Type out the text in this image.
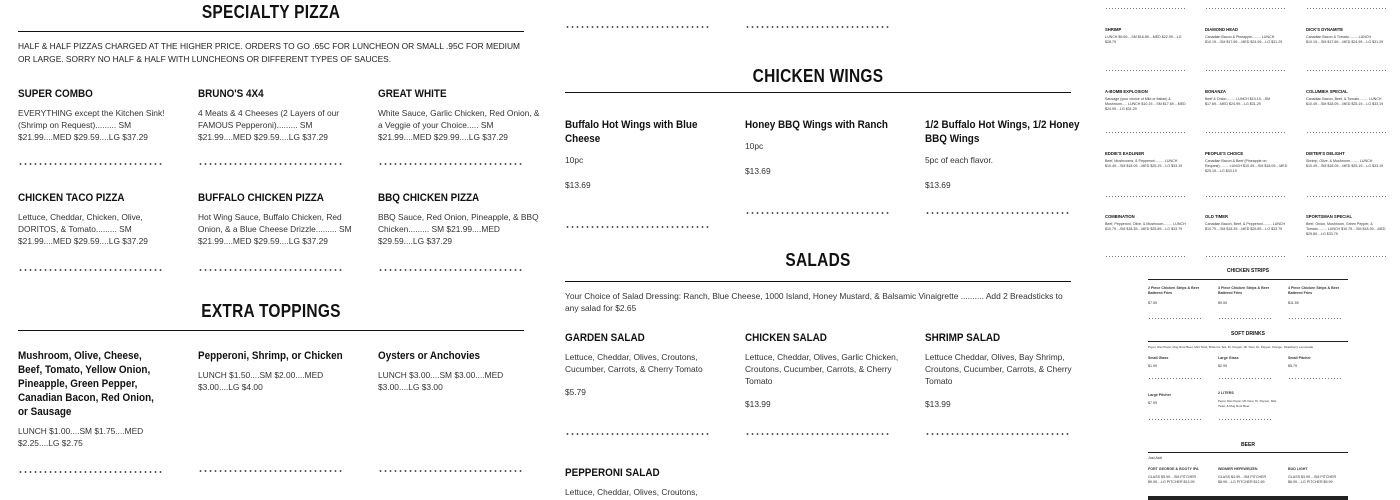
SPECIALTY PIZZA
HALF & HALF PIZZAS CHARGED AT THE HIGHER PRICE. ORDERS TO GO .65C FOR LUNCHEON OR SMALL .95C FOR MEDIUM OR LARGE. SORRY NO HALF & HALF WITH LUNCHEONS OR DIFFERENT TYPES OF SAUCES.
SUPER COMBO
EVERYTHING except the Kitchen Sink! (Shrimp on Request)......... SM $21.99....MED $29.59....LG $37.29
BRUNO'S 4X4
4 Meats & 4 Cheeses (2 Layers of our FAMOUS Pepperoni)......... SM $21.99....MED $29.59....LG $37.29
GREAT WHITE
White Sauce, Garlic Chicken, Red Onion, & a Veggie of your Choice..... SM $21.99....MED $29.99....LG $37.29
CHICKEN TACO PIZZA
Lettuce, Cheddar, Chicken, Olive, DORITOS, & Tomato......... SM $21.99....MED $29.59....LG $37.29
BUFFALO CHICKEN PIZZA
Hot Wing Sauce, Buffalo Chicken, Red Onion, & a Blue Cheese Drizzle......... SM $21.99....MED $29.59....LG $37.29
BBQ CHICKEN PIZZA
BBQ Sauce, Red Onion, Pineapple, & BBQ Chicken......... SM $21.99....MED $29.59....LG $37.29
EXTRA TOPPINGS
Mushroom, Olive, Cheese, Beef, Tomato, Yellow Onion, Pineapple, Green Pepper, Canadian Bacon, Red Onion, or Sausage
LUNCH $1.00....SM $1.75....MED $2.25....LG $2.75
Pepperoni, Shrimp, or Chicken
LUNCH $1.50....SM $2.00....MED $3.00....LG $4.00
Oysters or Anchovies
LUNCH $3.00....SM $3.00....MED $3.00....LG $3.00
CHICKEN WINGS
Buffalo Hot Wings with Blue Cheese
10pc
$13.69
Honey BBQ Wings with Ranch
10pc
$13.69
1/2 Buffalo Hot Wings, 1/2 Honey BBQ Wings
5pc of each flavor.
$13.69
SALADS
Your Choice of Salad Dressing: Ranch, Blue Cheese, 1000 Island, Honey Mustard, & Balsamic Vinaigrette .......... Add 2 Breadsticks to any salad for $2.65
GARDEN SALAD
Lettuce, Cheddar, Olives, Croutons, Cucumber, Carrots, & Cherry Tomato
$5.79
CHICKEN SALAD
Lettuce, Cheddar, Olives, Garlic Chicken, Croutons, Cucumber, Carrots, & Cherry Tomato
$13.99
SHRIMP SALAD
Lettuce Cheddar, Olives, Bay Shrimp, Croutons, Cucumber, Carrots, & Cherry Tomato
$13.99
PEPPERONI SALAD
Lettuce, Cheddar, Olives, Croutons,
SHRIMP
LUNCH $9.69....SM $16.89....MED $22.99....LG $28.79
DIAMOND HEAD
Canadian Bacon & Pineapple......... LUNCH $10.19....SM $17.69....MED $24.99....LG $31.29
DICK'S DYNAMITE
Canadian Bacon & Tomato......... LUNCH $10.19....SM $17.69....MED $24.99....LG $31.29
A-BOMB EXPLOSION
Sausage (your choice of Mild or Italian) & Mushroom..... LUNCH $10.19....SM $17.69....MED $24.99....LG $31.29
BONANZA
Beef & Onion......... LUNCH $10.19....SM $17.69....MED $24.99....LG $31.29
COLUMBIA SPECIAL
Canadian Bacon, Beef, & Tomato......... LUNCH $10.49....SM $18.09....MED $25.19....LG $33.19
EDDIE'S EADLINER
Beef, Mushrooms, & Pepperoni......... LUNCH $10.49....SM $18.09....MED $25.19....LG $33.19
PEOPLE'S CHOICE
Canadian Bacon & Beef (Pineapple on Request)......... LUNCH $10.49....SM $18.09....MED $25.19....LG $33.19
DIETER'S DELIGHT
Shrimp, Olive, & Mushroom......... LUNCH $10.49....SM $18.09....MED $25.19....LG $33.19
COMBINATION
Beef, Pepperoni, Olive, & Mushroom......... LUNCH $10.79....SM $18.39....MED $25.89....LG $33.79
OLD TIMER
Canadian Bacon, Beef, & Pepperoni......... LUNCH $10.79....SM $18.39....MED $25.89....LG $33.79
SPORTSMAN SPECIAL
Beef, Onion, Mushroom, Green Pepper, & Tomato......... LUNCH $10.79....SM $18.39....MED $25.89....LG $33.79
CHICKEN STRIPS
2 Piece Chicken Strips & Beer Battered Fries
$7.59
3 Piece Chicken Strips & Beer Battered Fries
$9.59
4 Piece Chicken Strips & Beer Battered Fries
$11.59
SOFT DRINKS
Pepsi, Diet Pepsi, Mug Root Beer, Mist Twist, Brisk Ice Tea, Dr. Pepper, Mt. Dew, Dr. Pepper, Orange, Strawberry Lemonade
Small Glass
$1.99
Large Glass
$2.99
Small Pitcher
$5.79
Large Pitcher
$7.99
2 LITERS
Pepsi, Diet Pepsi, Mt. Dew, Dr. Pepper, Mist Twist, & Mug Root Beer
BEER
Just Ask!
FORT GEORGE & BOOTY IPA
GLASS $5.99....SM PITCHER $9.99....LG PITCHER $13.99
WIDMER HEFEWEIZEN
GLASS $4.99....SM PITCHER $8.99....LG PITCHER $12.99
BUD LIGHT
GLASS $3.99....SM PITCHER $6.99....LG PITCHER $9.99
